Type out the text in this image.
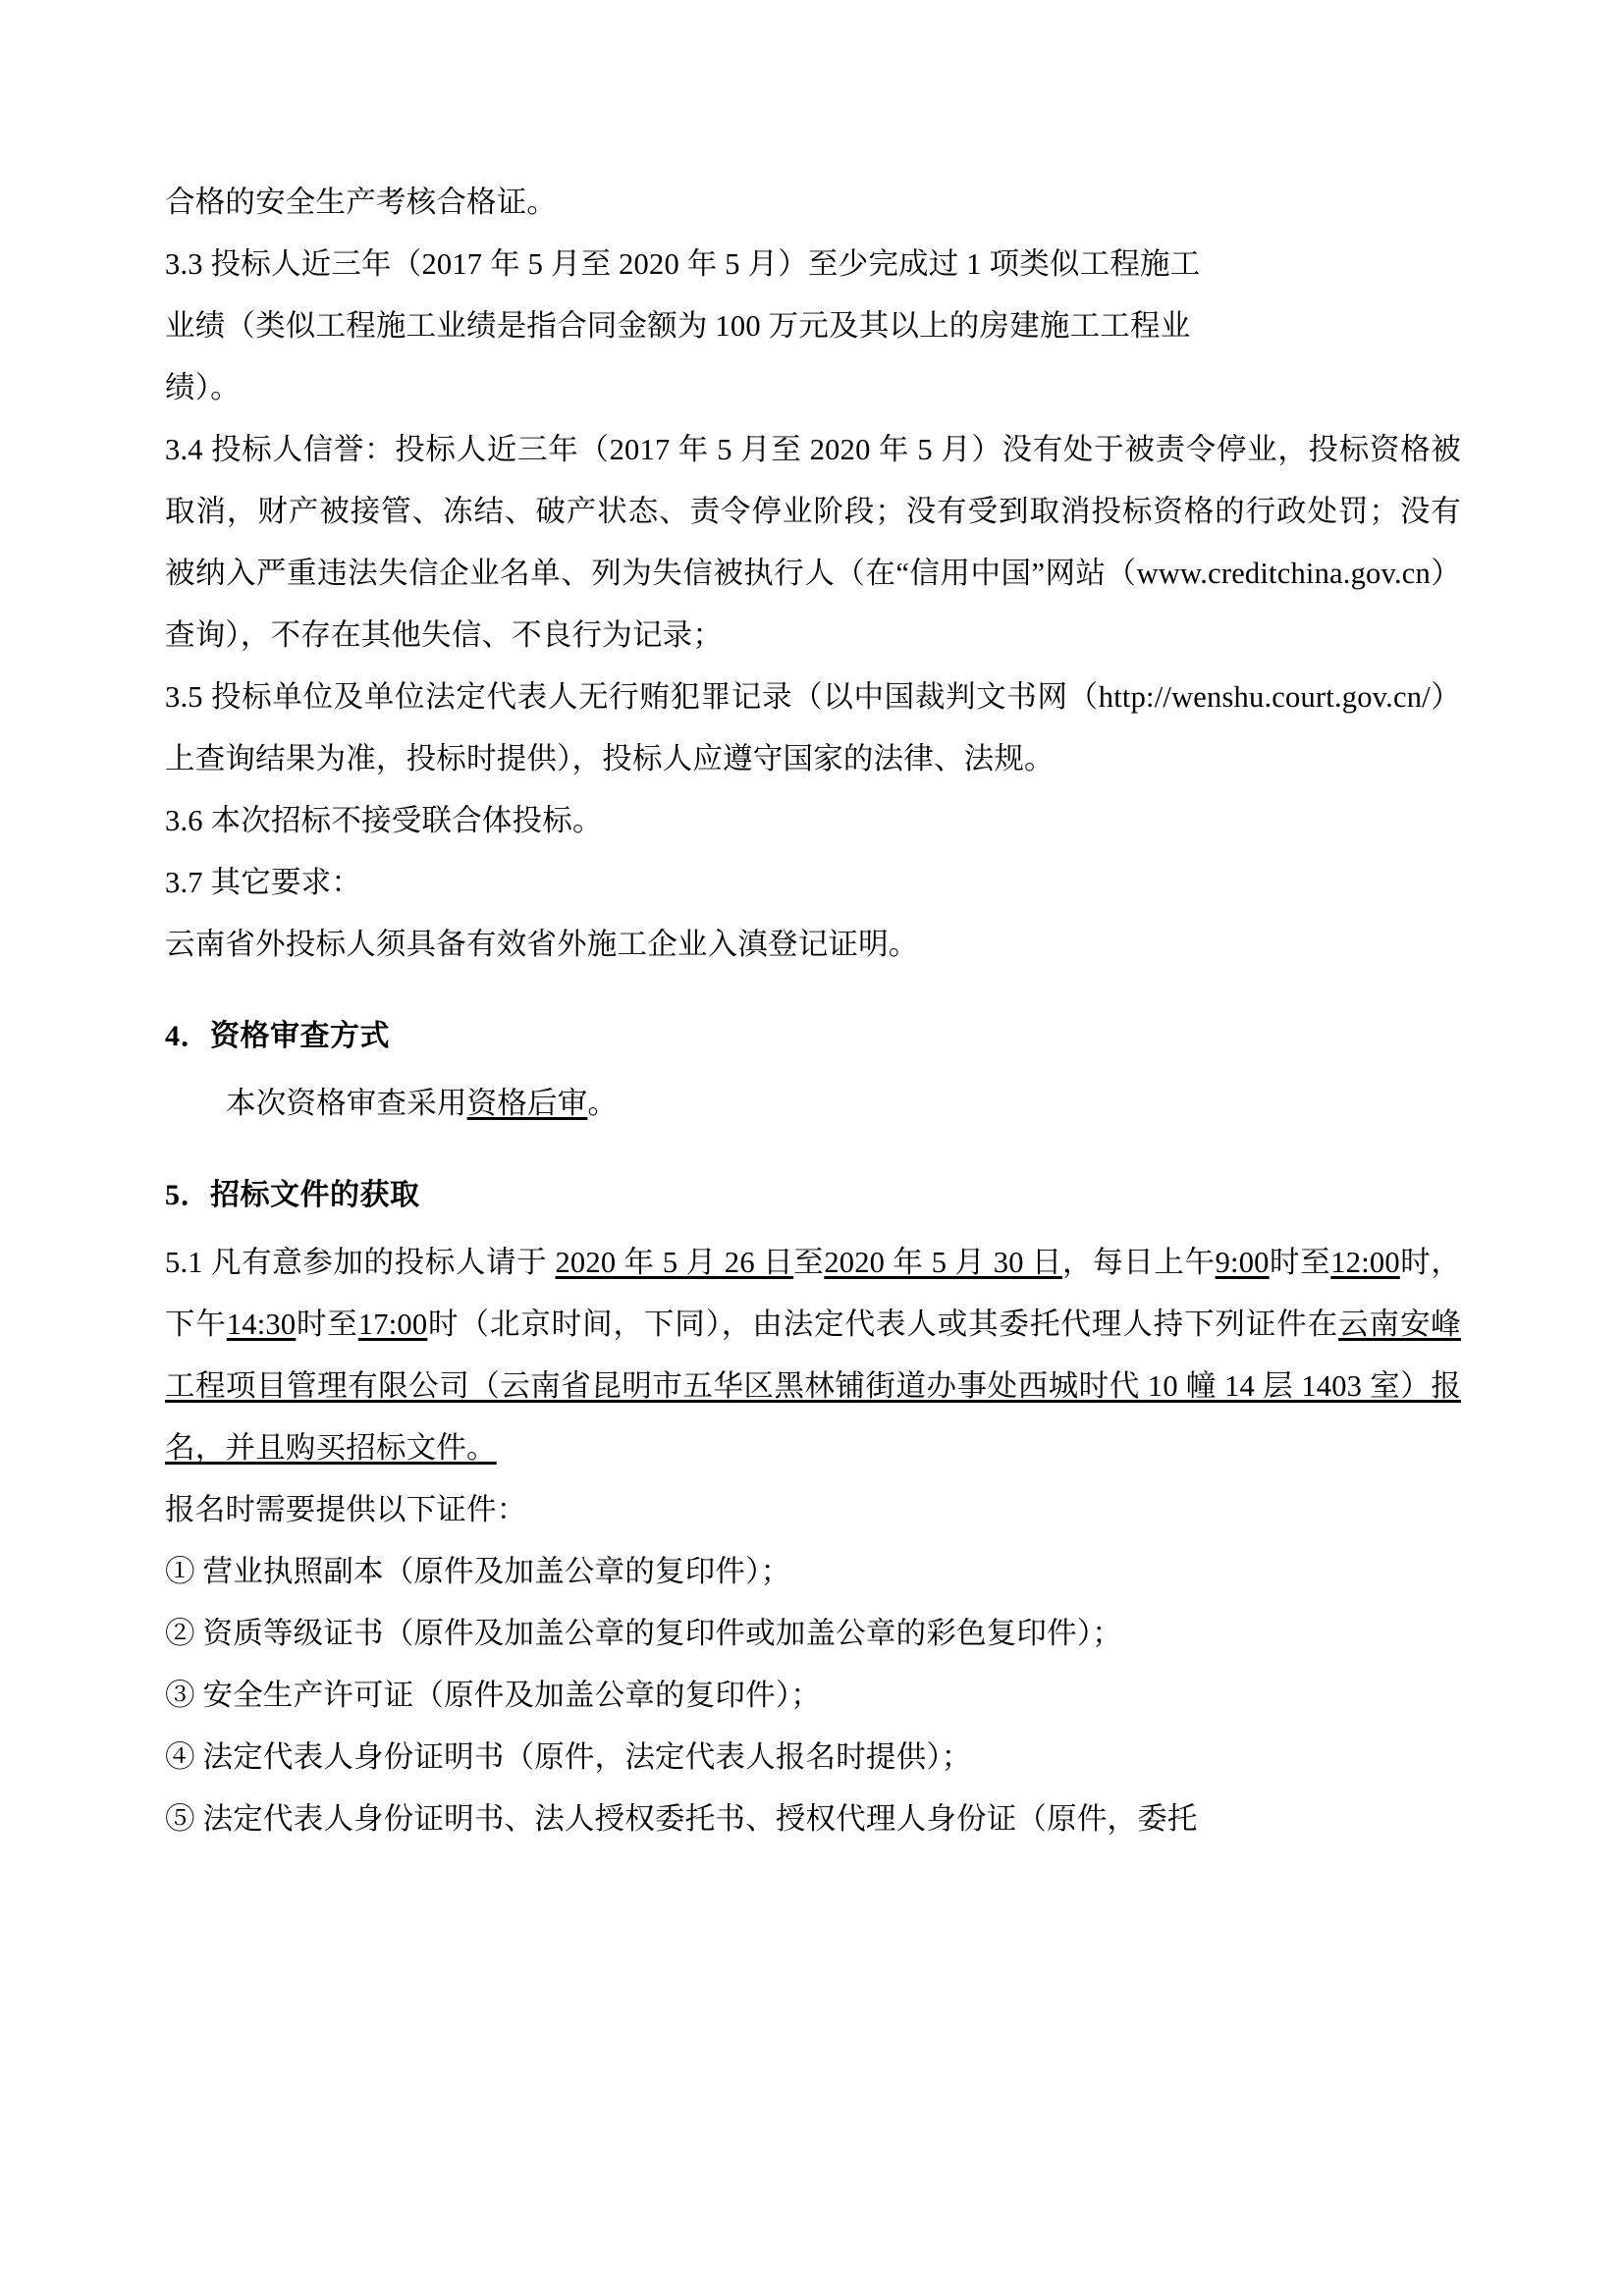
合格的安全生产考核合格证。

3.3 投标人近三年（2017 年 5 月至 2020 年 5 月）至少完成过 1 项类似工程施工

业绩（类似工程施工业绩是指合同金额为 100 万元及其以上的房建施工工程业

绩）。

3.4 投标人信誉：投标人近三年（2017 年 5 月至 2020 年 5 月）没有处于被责令停业，投标资格被取消，财产被接管、冻结、破产状态、责令停业阶段；没有受到取消投标资格的行政处罚；没有被纳入严重违法失信企业名单、列为失信被执行人（在“信用中国”网站（www.creditchina.gov.cn）查询），不存在其他失信、不良行为记录；

3.5 投标单位及单位法定代表人无行贿犯罪记录（以中国裁判文书网（http://wenshu.court.gov.cn/）上查询结果为准，投标时提供），投标人应遵守国家的法律、法规。

3.6 本次招标不接受联合体投标。

3.7 其它要求：

云南省外投标人须具备有效省外施工企业入滇登记证明。

4．资格审查方式

本次资格审查采用资格后审。

5．招标文件的获取

5.1 凡有意参加的投标人请于 2020 年 5 月 26 日至2020 年 5 月 30 日，每日上午9:00时至12:00时，下午14:30时至17:00时（北京时间，下同），由法定代表人或其委托代理人持下列证件在云南安峰工程项目管理有限公司（云南省昆明市五华区黑林铺街道办事处西城时代 10 幢 14 层 1403 室）报名，并且购买招标文件。

报名时需要提供以下证件：

① 营业执照副本（原件及加盖公章的复印件）；

② 资质等级证书（原件及加盖公章的复印件或加盖公章的彩色复印件）；

③ 安全生产许可证（原件及加盖公章的复印件）；

④ 法定代表人身份证明书（原件，法定代表人报名时提供）；

⑤ 法定代表人身份证明书、法人授权委托书、授权代理人身份证（原件，委托
